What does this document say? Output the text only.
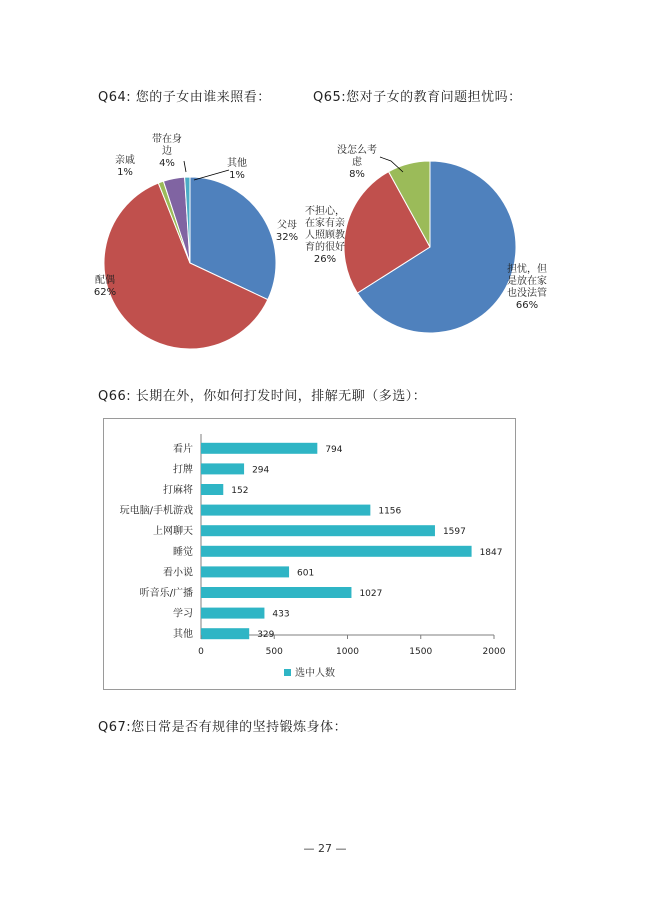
Q64: 您的子女由谁来照看：	Q65:您对子女的教育问题担忧吗：
父母
32%
配偶
62%
亲戚
1%
带在身
边
4%	其他
1%
担忧，但
是放在家
也没法管
66%
不担心，
在家有亲
人照顾教
育的很好
26%
没怎么考
虑
8%
Q66: 长期在外，你如何打发时间，排解无聊（多选）：
看片	794
打牌	294
打麻将	152
玩电脑/手机游戏	1156
上网聊天	1597
睡觉	1847
看小说	601
听音乐/广播	1027
学习	433
其他	329
0	500	1000	1500	2000
选中人数
Q67:您日常是否有规律的坚持锻炼身体：
— 27 —
